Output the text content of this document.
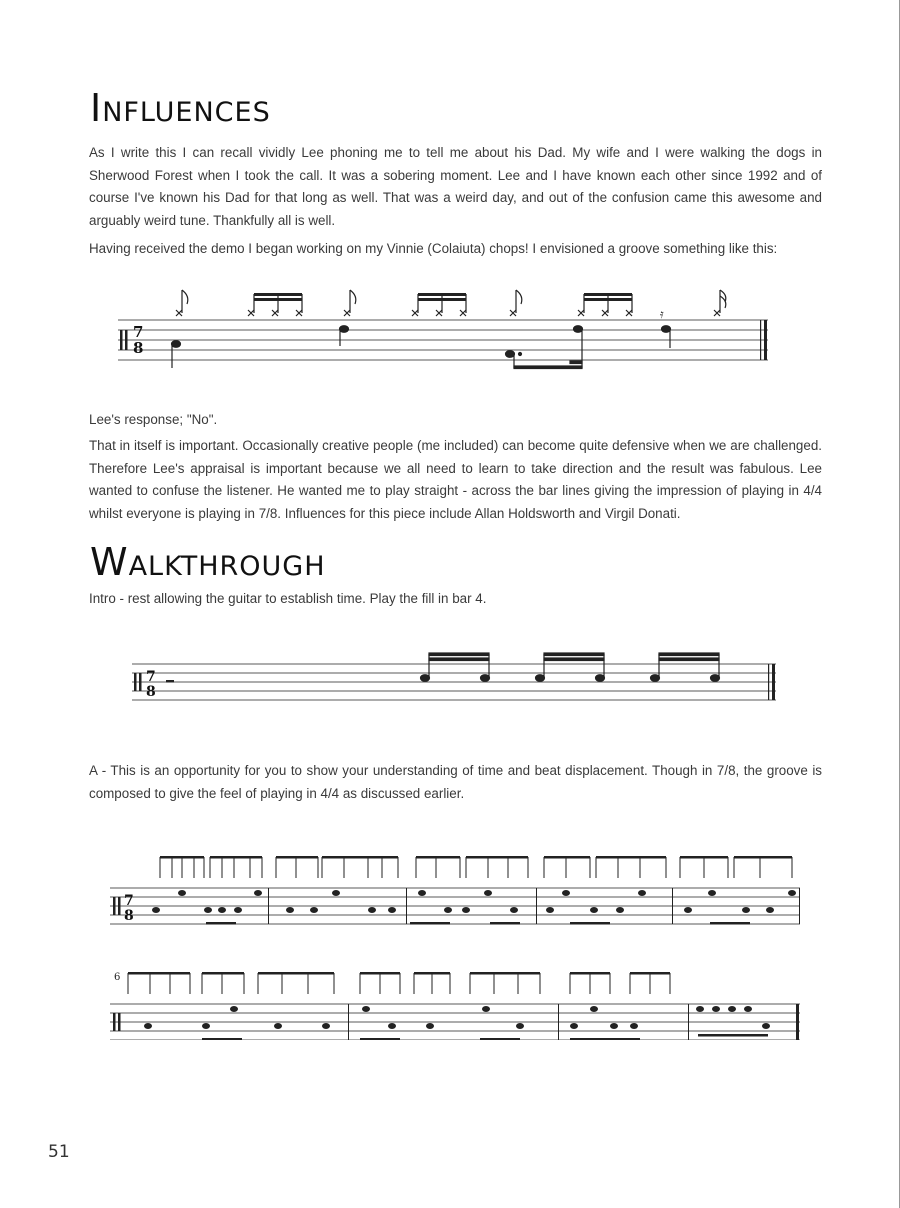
Influences

As I write this I can recall vividly Lee phoning me to tell me about his Dad. My wife and I were walking the dogs in Sherwood Forest when I took the call. It was a sobering moment. Lee and I have known each other since 1992 and of course I've known his Dad for that long as well. That was a weird day, and out of the confusion came this awesome and arguably weird tune. Thankfully all is well.

Having received the demo I began working on my Vinnie (Colaiuta) chops! I envisioned a groove something like this:

7
8
𝄿

Lee's response; "No".

That in itself is important. Occasionally creative people (me included) can become quite defensive when we are challenged. Therefore Lee's appraisal is important because we all need to learn to take direction and the result was fabulous. Lee wanted to confuse the listener. He wanted me to play straight - across the bar lines giving the impression of playing in 4/4 whilst everyone is playing in 7/8. Influences for this piece include Allan Holdsworth and Virgil Donati.

Walkthrough

Intro - rest allowing the guitar to establish time. Play the fill in bar 4.

7
8

A - This is an opportunity for you to show your understanding of time and beat displacement. Though in 7/8, the groove is composed to give the feel of playing in 4/4 as discussed earlier.

7
8
6

51
